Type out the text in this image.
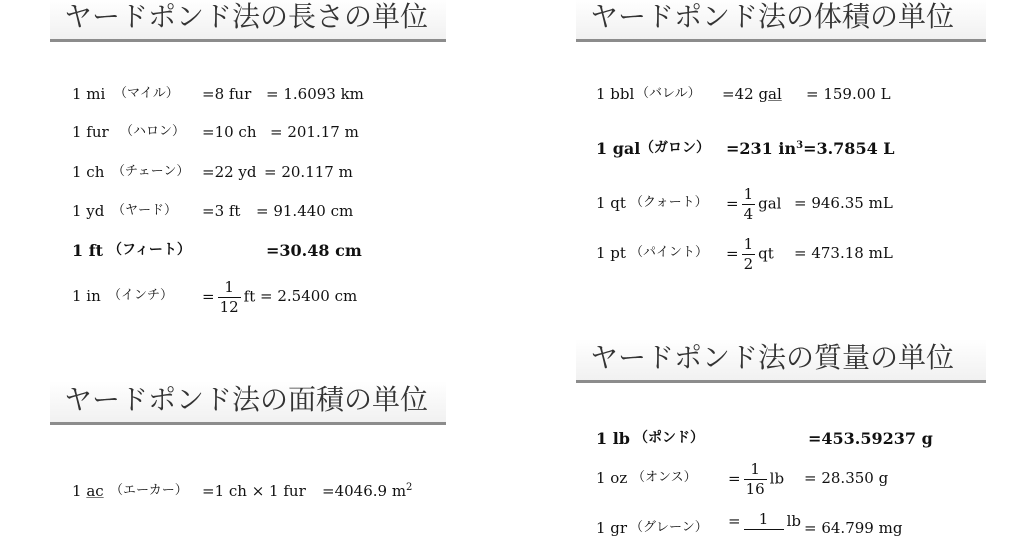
ヤードポンド法の長さの単位
1 mi （マイル） =8 fur = 1.6093 km
1 fur （ハロン） =10 ch = 201.17 m
1 ch （チェーン） =22 yd = 20.117 m
1 yd （ヤード） =3 ft = 91.440 cm
1 ft （フィート）	=30.48 cm
1 in （インチ） = $\frac{1}{12}$ ft = 2.5400 cm
ヤードポンド法の面積の単位
1 ac （エーカー） =1 ch × 1 fur =4046.9 $m^2$
ヤードポンド法の体積の単位
1 bbl （バレル） =42 gal = 159.00 L
1 gal （ガロン） =231 $in^3=3.7854$ L
1 qt （クォート） = $\frac{1}{4}$ gal = 946.35 mL
1 pt （パイント） = $\frac{1}{2}$ qt = 473.18 mL
ヤードポンド法の質量の単位
1 lb （ポンド）	=453.59237 g
1 oz （オンス） = $\frac{1}{16}$ lb = 28.350 g
1 gr （グレーン） = 1 lb = 64.799 mg
